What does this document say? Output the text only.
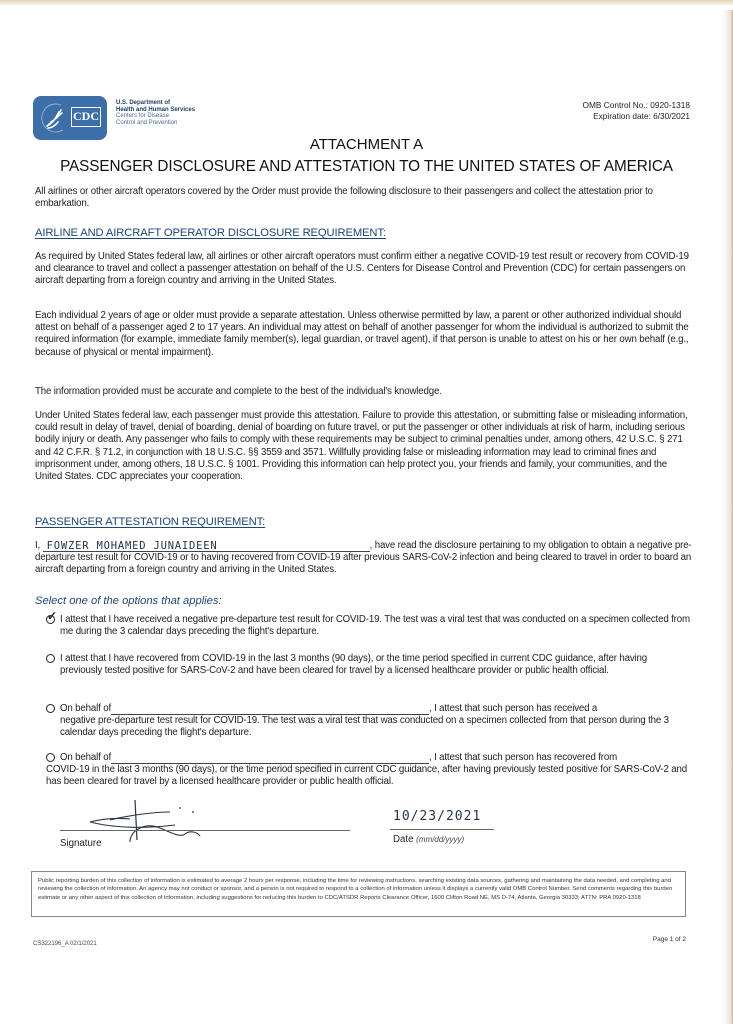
CDC
U.S. Department of
Health and Human Services
Centers for Disease
Control and Prevention
OMB Control No.: 0920-1318
Expiration date: 6/30/2021
ATTACHMENT A
PASSENGER DISCLOSURE AND ATTESTATION TO THE UNITED STATES OF AMERICA
All airlines or other aircraft operators covered by the Order must provide the following disclosure to their passengers and collect the attestation prior to embarkation.
AIRLINE AND AIRCRAFT OPERATOR DISCLOSURE REQUIREMENT:
As required by United States federal law, all airlines or other aircraft operators must confirm either a negative COVID-19 test result or recovery from COVID-19 and clearance to travel and collect a passenger attestation on behalf of the U.S. Centers for Disease Control and Prevention (CDC) for certain passengers on aircraft departing from a foreign country and arriving in the United States.
Each individual 2 years of age or older must provide a separate attestation. Unless otherwise permitted by law, a parent or other authorized individual should attest on behalf of a passenger aged 2 to 17 years. An individual may attest on behalf of another passenger for whom the individual is authorized to submit the required information (for example, immediate family member(s), legal guardian, or travel agent), if that person is unable to attest on his or her own behalf (e.g., because of physical or mental impairment).
The information provided must be accurate and complete to the best of the individual's knowledge.
Under United States federal law, each passenger must provide this attestation. Failure to provide this attestation, or submitting false or misleading information, could result in delay of travel, denial of boarding, denial of boarding on future travel, or put the passenger or other individuals at risk of harm, including serious bodily injury or death. Any passenger who fails to comply with these requirements may be subject to criminal penalties under, among others, 42 U.S.C. § 271 and 42 C.F.R. § 71.2, in conjunction with 18 U.S.C. §§ 3559 and 3571. Willfully providing false or misleading information may lead to criminal fines and imprisonment under, among others, 18 U.S.C. § 1001. Providing this information can help protect you, your friends and family, your communities, and the United States. CDC appreciates your cooperation.
PASSENGER ATTESTATION REQUIREMENT:
I, FOWZER MOHAMED JUNAIDEEN	, have read the disclosure pertaining to my obligation to obtain a negative pre-departure test result for COVID-19 or to having recovered from COVID-19 after previous SARS-CoV-2 infection and being cleared to travel in order to board an aircraft departing from a foreign country and arriving in the United States.
Select one of the options that applies:
✓ I attest that I have received a negative pre-departure test result for COVID-19. The test was a viral test that was conducted on a specimen collected from me during the 3 calendar days preceding the flight's departure.
I attest that I have recovered from COVID-19 in the last 3 months (90 days), or the time period specified in current CDC guidance, after having previously tested positive for SARS-CoV-2 and have been cleared for travel by a licensed healthcare provider or public health official.
On behalf of	, I attest that such person has received a
negative pre-departure test result for COVID-19. The test was a viral test that was conducted on a specimen collected from that person during the 3 calendar days preceding the flight's departure.
On behalf of	, I attest that such person has recovered from
COVID-19 in the last 3 months (90 days), or the time period specified in current CDC guidance, after having previously tested positive for SARS-CoV-2 and has been cleared for travel by a licensed healthcare provider or public health official.
Signature
10/23/2021
Date (mm/dd/yyyy)
Public reporting burden of this collection of information is estimated to average 2 hours per response, including the time for reviewing instructions, searching existing data sources, gathering and maintaining the data needed, and completing and reviewing the collection of information. An agency may not conduct or sponsor, and a person is not required to respond to a collection of information unless it displays a currently valid OMB Control Number. Send comments regarding this burden estimate or any other aspect of this collection of information, including suggestions for reducing this burden to CDC/ATSDR Reports Clearance Officer, 1600 Clifton Road NE, MS D-74, Atlanta, Georgia 30333; ATTN: PRA 0920-1318
CS322196_A 02/1/2021
Page 1 of 2
